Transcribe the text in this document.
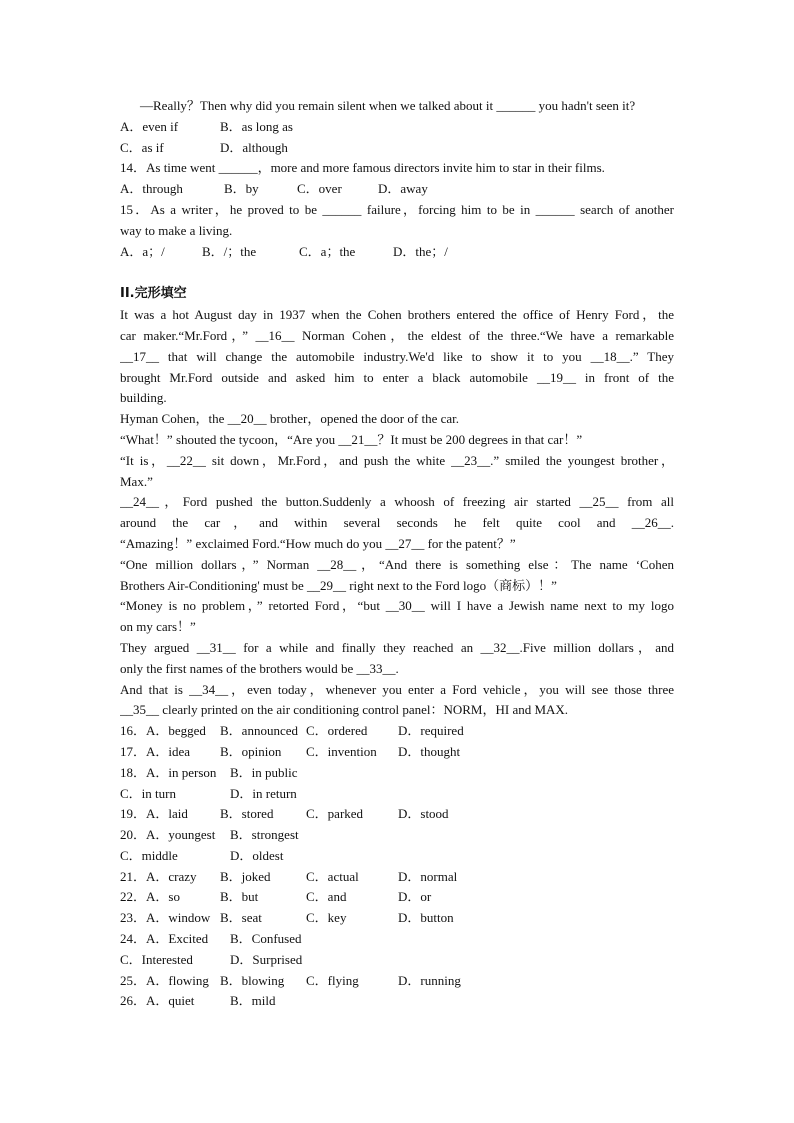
—Really？Then why did you remain silent when we talked about it ______ you hadn't seen it?
A．even if	B．as long as
C．as if	D．although
14．As time went ______，more and more famous directors invite him to star in their films.
A．through	B．by	C．over	D．away
15．As a writer，he proved to be ______ failure，forcing him to be in ______ search of another
way to make a living.
A．a；/	B．/；the	C．a；the	D．the；/
II.完形填空
It was a hot August day in 1937 when the Cohen brothers entered the office of Henry Ford，the
car maker.“Mr.Ford，” __16__ Norman Cohen，the eldest of the three.“We have a remarkable
__17__ that will change the automobile industry.We'd like to show it to you __18__.” They
brought Mr.Ford outside and asked him to enter a black automobile __19__ in front of the
building.
Hyman Cohen，the __20__ brother，opened the door of the car.
“What！” shouted the tycoon，“Are you __21__？It must be 200 degrees in that car！”
“It is，__22__ sit down，Mr.Ford，and push the white __23__.” smiled the youngest brother，
Max.”
__24__，Ford pushed the button.Suddenly a whoosh of freezing air started __25__ from all
around the car，and within several seconds he felt quite cool and __26__.
“Amazing！” exclaimed Ford.“How much do you __27__ for the patent？”
“One million dollars，” Norman __28__，“And there is something else：The name ‘Cohen
Brothers Air-Conditioning' must be __29__ right next to the Ford logo（商标）！”
“Money is no problem，” retorted Ford，“but __30__ will I have a Jewish name next to my logo
on my cars！”
They argued __31__ for a while and finally they reached an __32__.Five million dollars，and
only the first names of the brothers would be __33__.
And that is __34__，even today，whenever you enter a Ford vehicle，you will see those three
__35__ clearly printed on the air conditioning control panel：NORM，HI and MAX.
16．A．begged B．announced C．ordered D．required
17．A．idea B．opinion C．invention D．thought
18．A．in person B．in public
C．in turn	D．in return
19．A．laid B．stored	C．parked	D．stood
20．A．youngest B．strongest
C．middle	D．oldest
21．A．crazy B．joked	C．actual	D．normal
22．A．so	B．but	C．and	D．or
23．A．window B．seat	C．key	D．button
24．A．Excited B．Confused
C．Interested	D．Surprised
25．A．flowing B．blowing C．flying	D．running
26．A．quiet	B．mild
